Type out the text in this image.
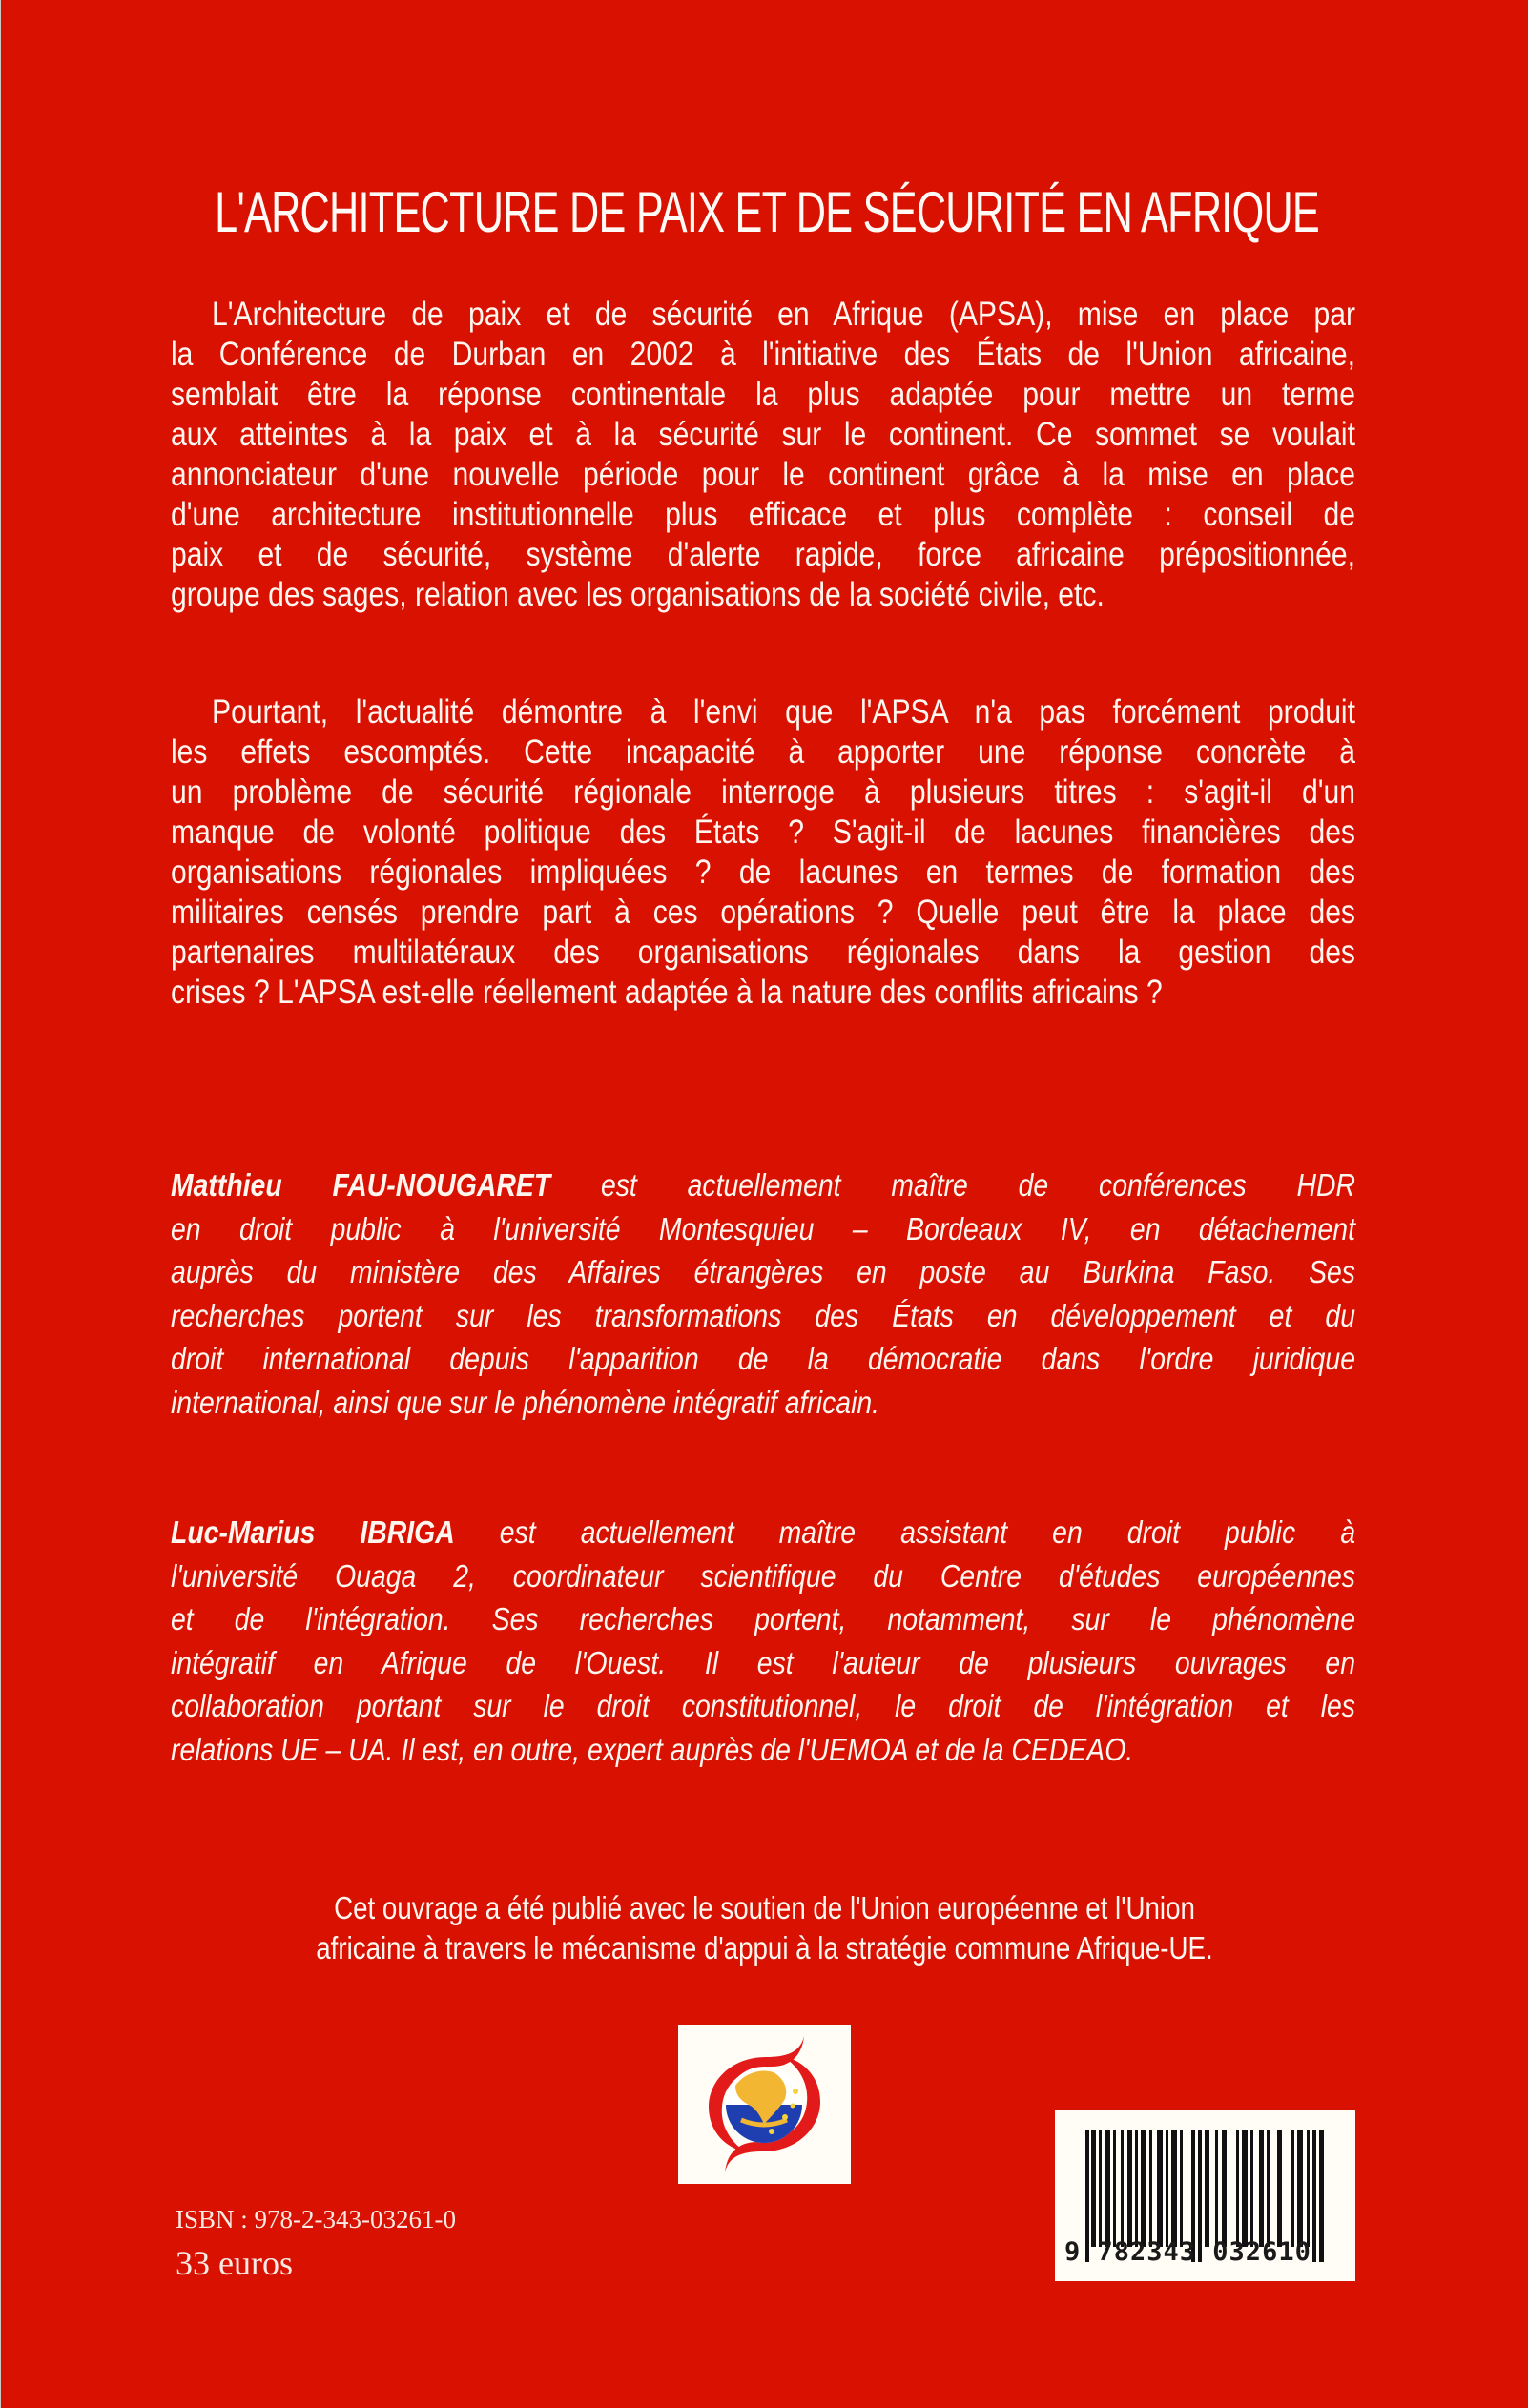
L'ARCHITECTURE DE PAIX ET DE SÉCURITÉ EN AFRIQUE
L'Architecture de paix et de sécurité en Afrique (APSA), mise en place par
la Conférence de Durban en 2002 à l'initiative des États de l'Union africaine,
semblait être la réponse continentale la plus adaptée pour mettre un terme
aux atteintes à la paix et à la sécurité sur le continent. Ce sommet se voulait
annonciateur d'une nouvelle période pour le continent grâce à la mise en place
d'une architecture institutionnelle plus efficace et plus complète : conseil de
paix et de sécurité, système d'alerte rapide, force africaine prépositionnée,
groupe des sages, relation avec les organisations de la société civile, etc.
Pourtant, l'actualité démontre à l'envi que l'APSA n'a pas forcément produit
les effets escomptés. Cette incapacité à apporter une réponse concrète à
un problème de sécurité régionale interroge à plusieurs titres : s'agit-il d'un
manque de volonté politique des États ? S'agit-il de lacunes financières des
organisations régionales impliquées ? de lacunes en termes de formation des
militaires censés prendre part à ces opérations ? Quelle peut être la place des
partenaires multilatéraux des organisations régionales dans la gestion des
crises ? L'APSA est-elle réellement adaptée à la nature des conflits africains ?
Matthieu FAU-NOUGARET est actuellement maître de conférences HDR
en droit public à l'université Montesquieu – Bordeaux IV, en détachement
auprès du ministère des Affaires étrangères en poste au Burkina Faso. Ses
recherches portent sur les transformations des États en développement et du
droit international depuis l'apparition de la démocratie dans l'ordre juridique
international, ainsi que sur le phénomène intégratif africain.
Luc-Marius IBRIGA est actuellement maître assistant en droit public à
l'université Ouaga 2, coordinateur scientifique du Centre d'études européennes
et de l'intégration. Ses recherches portent, notamment, sur le phénomène
intégratif en Afrique de l'Ouest. Il est l'auteur de plusieurs ouvrages en
collaboration portant sur le droit constitutionnel, le droit de l'intégration et les
relations UE – UA. Il est, en outre, expert auprès de l'UEMOA et de la CEDEAO.
Cet ouvrage a été publié avec le soutien de l'Union européenne et l'Union
africaine à travers le mécanisme d'appui à la stratégie commune Afrique-UE.
ISBN : 978-2-343-03261-0
33 euros	9 782343 032610
